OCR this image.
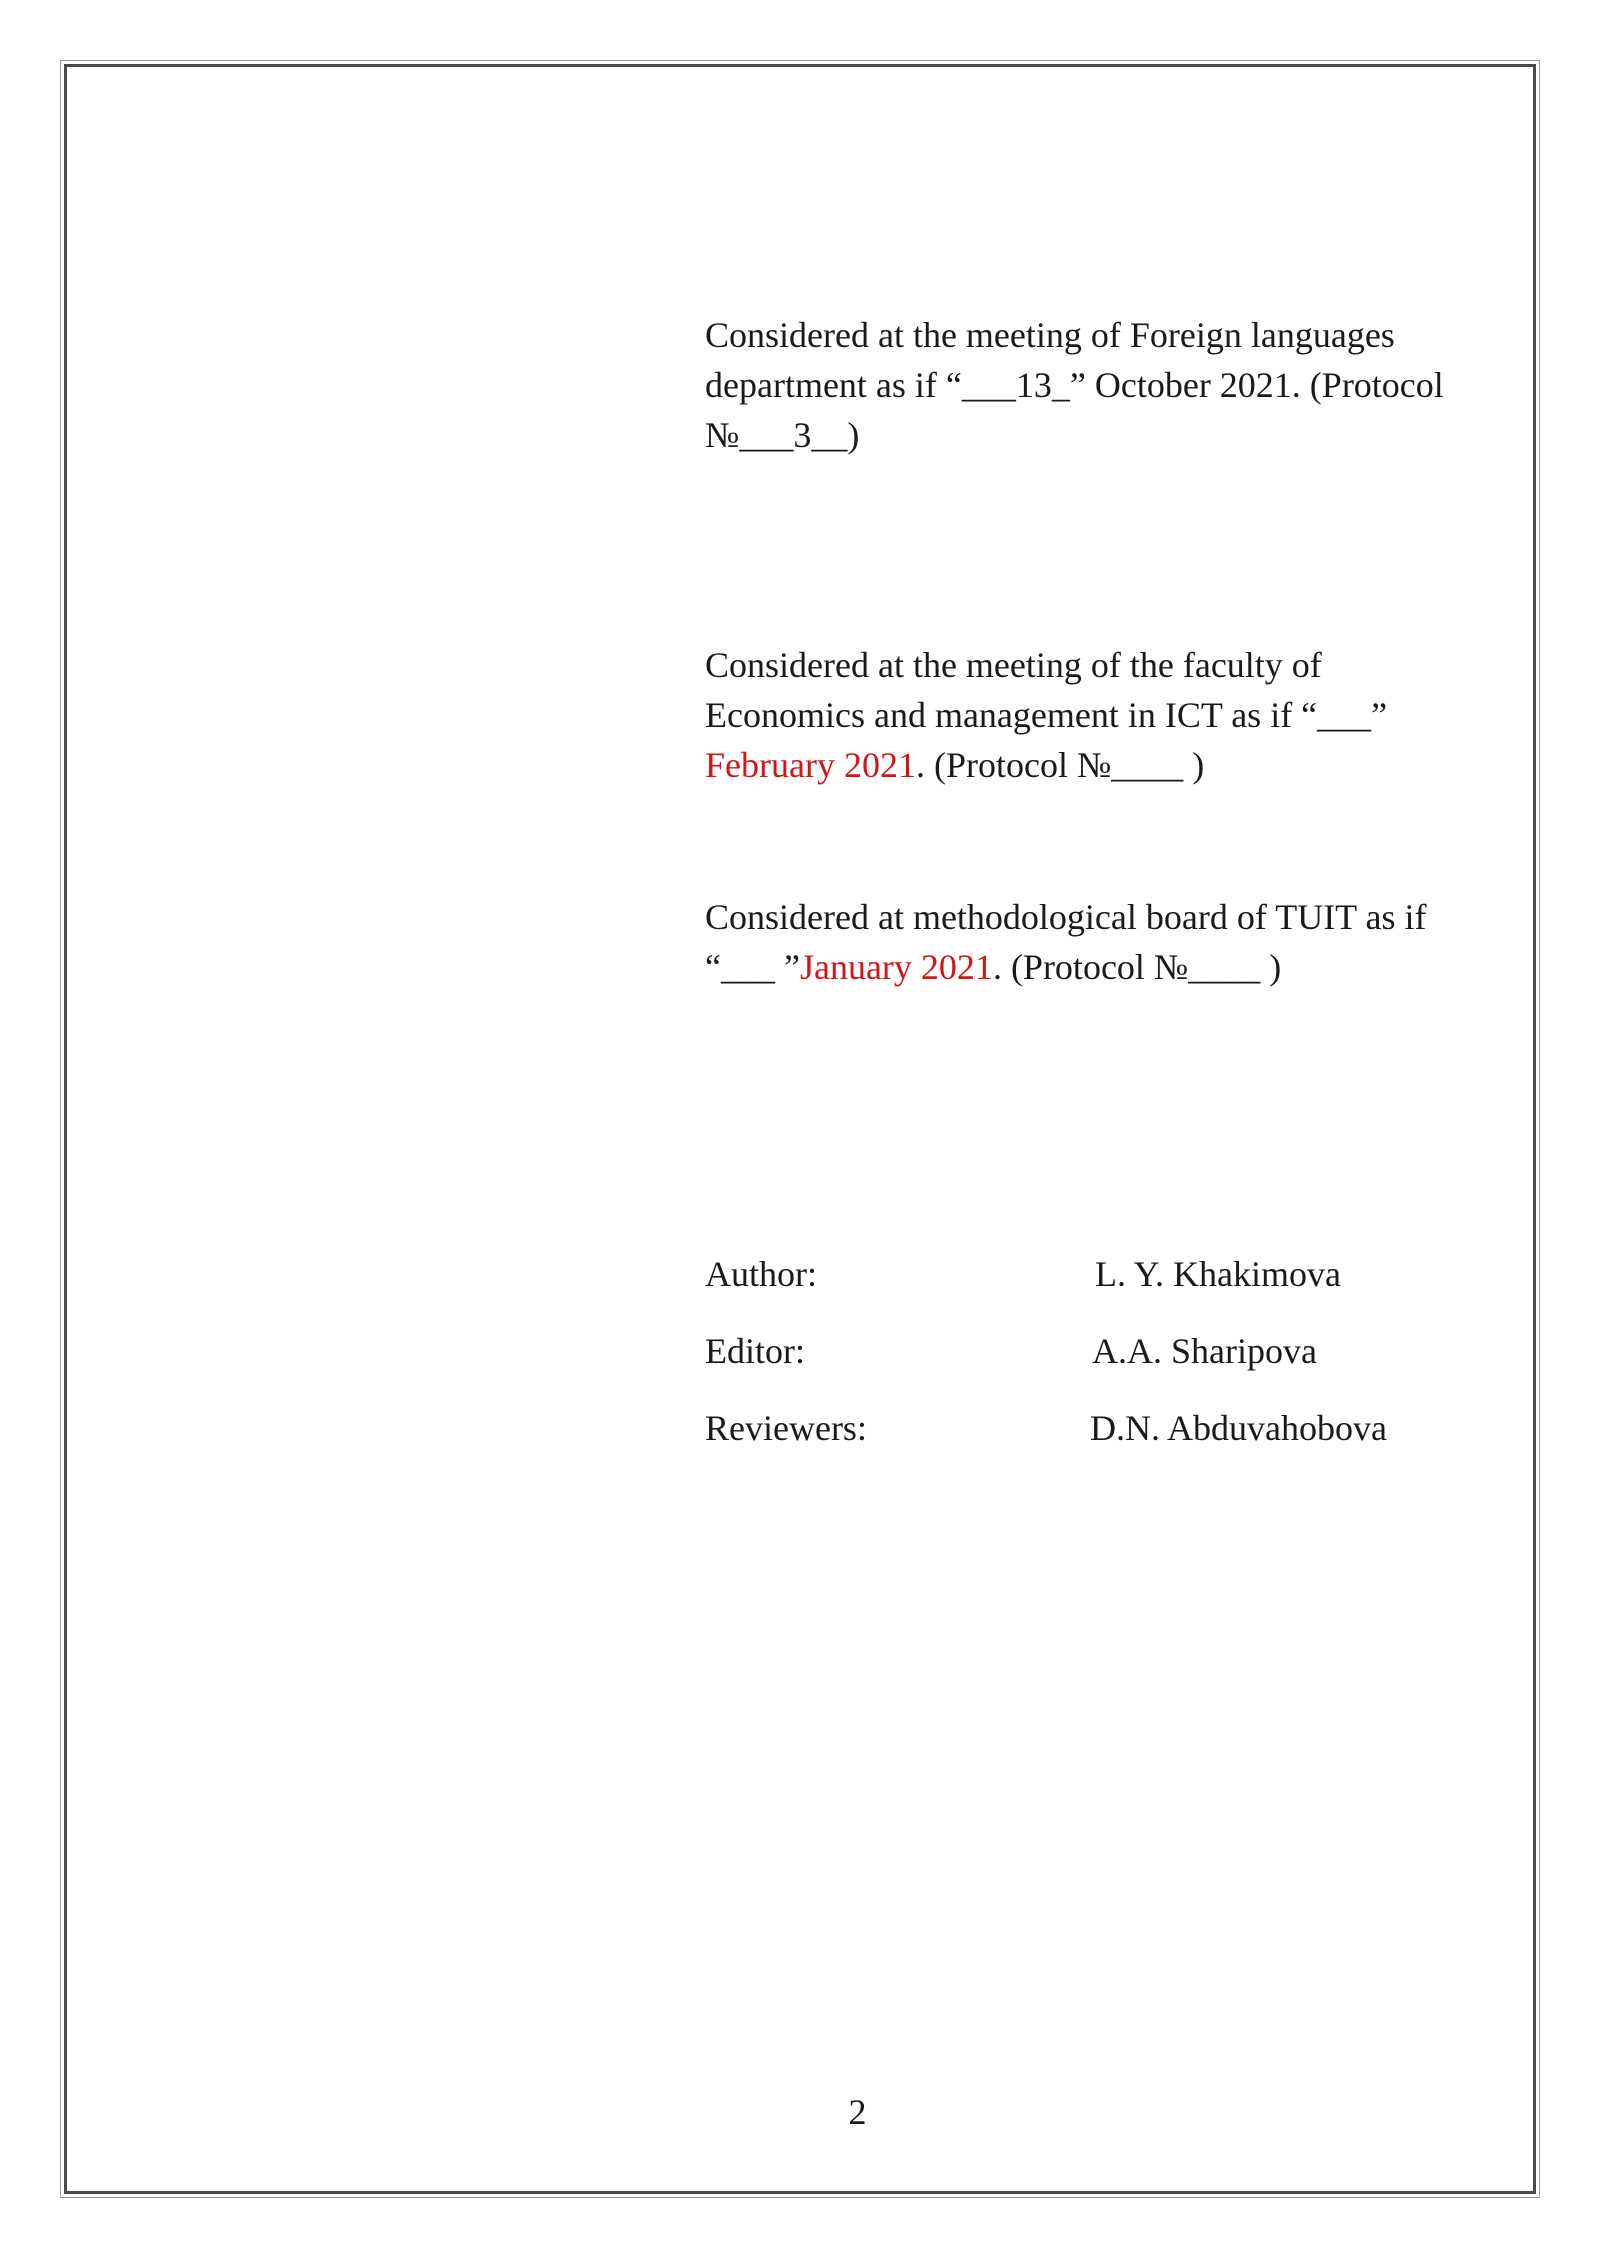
Considered at the meeting of Foreign languages department as if “___13_” October 2021. (Protocol №___3__)

Considered at the meeting of the faculty of Economics and management in ICT as if “___” February 2021. (Protocol №____ )

Considered at methodological board of TUIT as if “___ ”January 2021. (Protocol №____ )

Author:	L. Y. Khakimova
Editor:	A.A. Sharipova
Reviewers:	D.N. Abduvahobova
2
